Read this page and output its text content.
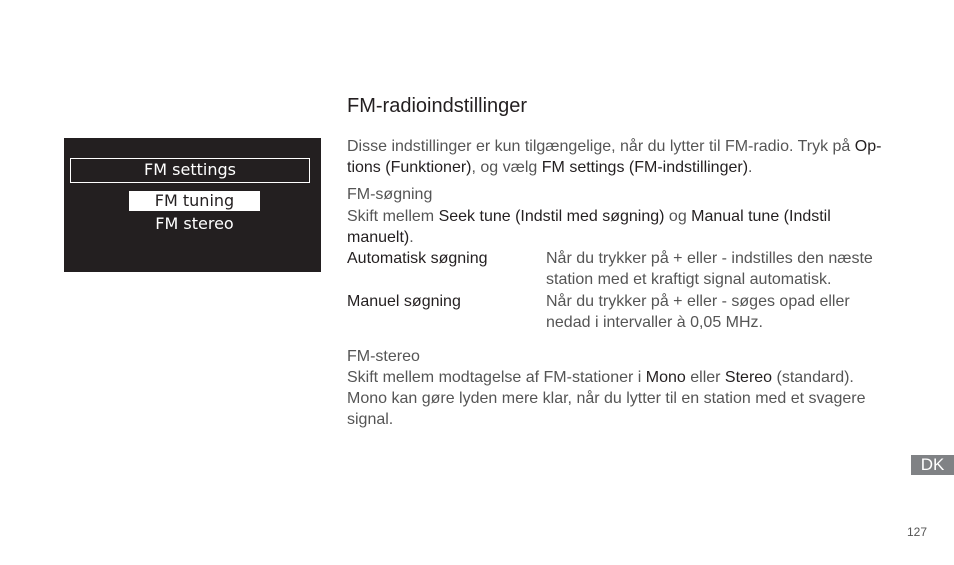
FM settings
FM tuning
FM stereo
FM-radioindstillinger
Disse indstillinger er kun tilgængelige, når du lytter til FM-radio. Tryk på Op-
tions (Funktioner), og vælg FM settings (FM-indstillinger).
FM-søgning
Skift mellem Seek tune (Indstil med søgning) og Manual tune (Indstil
manuelt).
Automatisk søgning	Når du trykker på + eller - indstilles den næste
station med et kraftigt signal automatisk.
Manuel søgning	Når du trykker på + eller - søges opad eller
nedad i intervaller à 0,05 MHz.
FM-stereo
Skift mellem modtagelse af FM-stationer i Mono eller Stereo (standard).
Mono kan gøre lyden mere klar, når du lytter til en station med et svagere
signal.
DK
127
